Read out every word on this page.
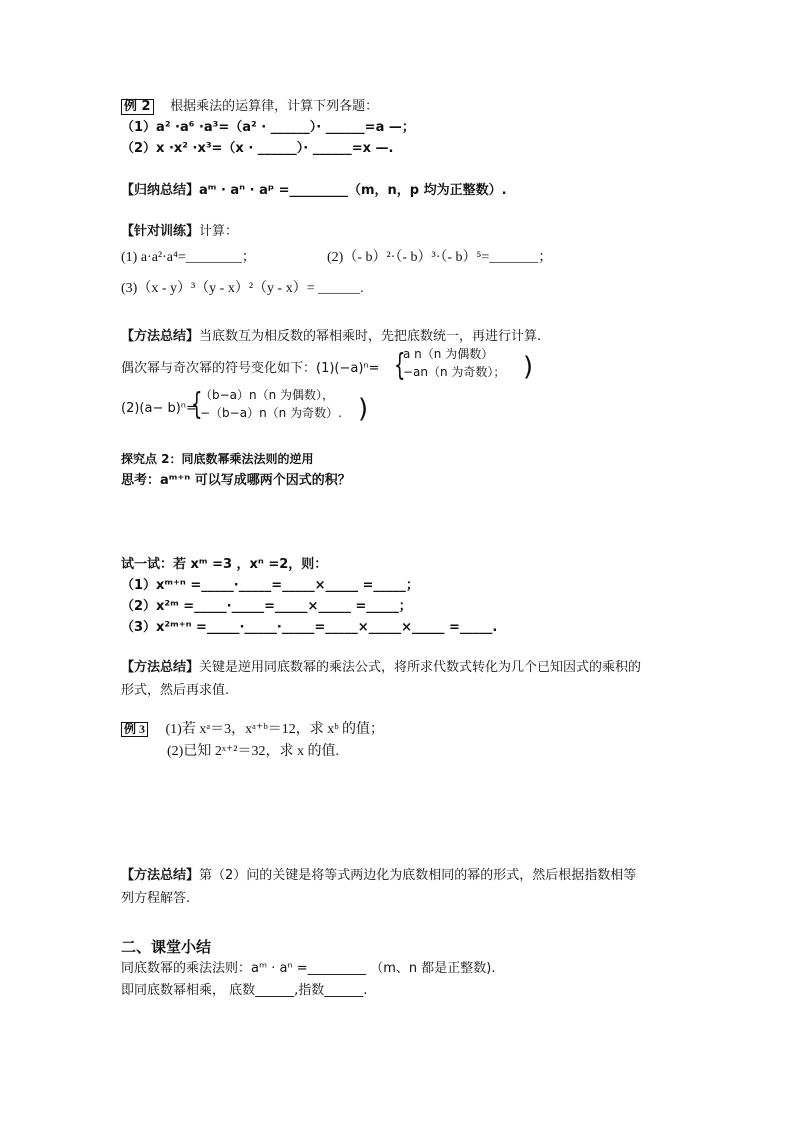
例 2 根据乘法的运算律，计算下列各题：
（1）a² ·a⁶ ·a³=（a² · ______）· ______=a —；
（2）x ·x² ·x³=（x · ______）· ______=x —.
【归纳总结】aᵐ · aⁿ · aᵖ =_________（m，n，p 均为正整数）.
【针对训练】计算：
(1) a·a²·a⁴=________；	(2)（- b）²·（- b）³·（- b）⁵=_______；
(3)（x - y）³（y - x）²（y - x）= ______.
【方法总结】当底数互为相反数的幂相乘时，先把底数统一，再进行计算.
偶次幂与奇次幂的符号变化如下：(1)(−a)ⁿ= {
a n（n 为偶数）
−an（n 为奇数）； )
(2)(a− b)ⁿ=
{
（b−a）n（n 为偶数），
−（b−a）n（n 为奇数）. )
探究点 2：同底数幂乘法法则的逆用
思考：aᵐ⁺ⁿ 可以写成哪两个因式的积？
试一试：若 xᵐ =3 ，xⁿ =2，则：
（1）xᵐ⁺ⁿ =_____·_____=_____×_____ =_____；
（2）x²ᵐ =_____·_____=_____×_____ =_____；
（3）x²ᵐ⁺ⁿ =_____·_____·_____=_____×_____×_____ =_____.
【方法总结】关键是逆用同底数幂的乘法公式，将所求代数式转化为几个已知因式的乘积的
形式，然后再求值.
例 3 (1)若 xᵃ＝3，xᵃ⁺ᵇ＝12，求 xᵇ 的值；
(2)已知 2ˣ⁺²＝32，求 x 的值.
【方法总结】第（2）问的关键是将等式两边化为底数相同的幂的形式，然后根据指数相等
列方程解答.
二、课堂小结
同底数幂的乘法法则：aᵐ · aⁿ =_________ （m、n 都是正整数).
即同底数幂相乘， 底数______,指数______.
